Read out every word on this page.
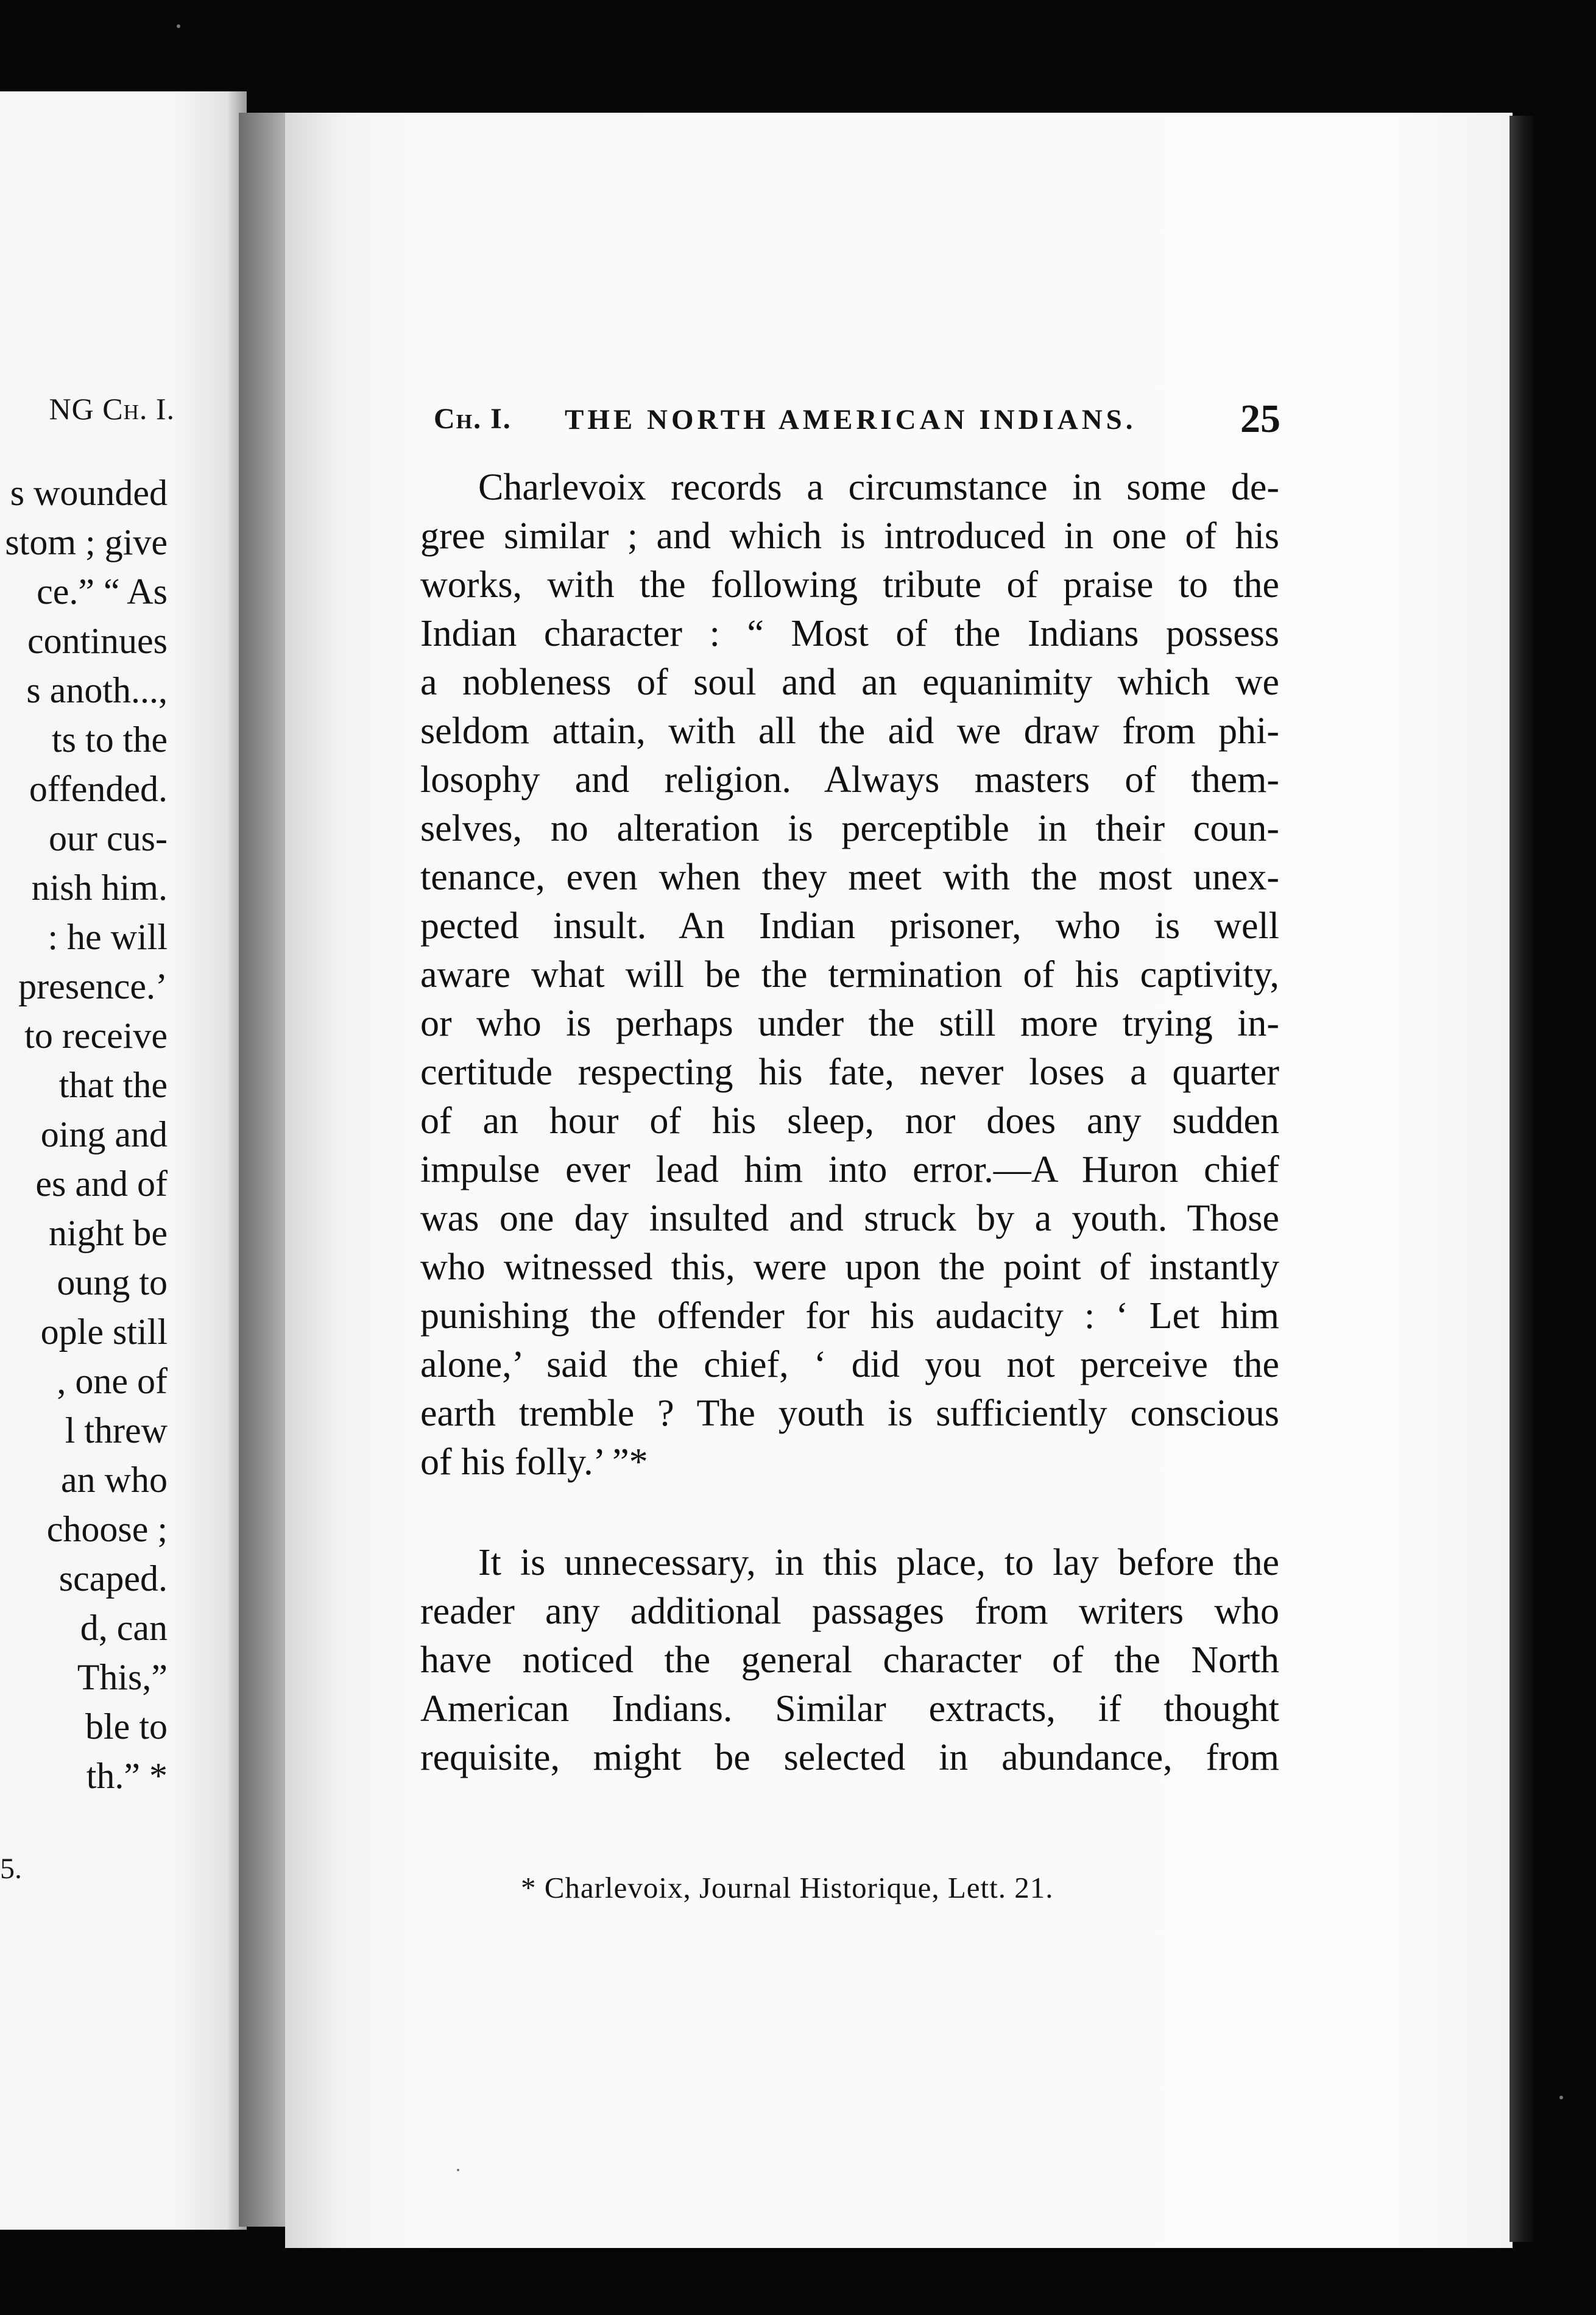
NG Ch. I.
s wounded
stom ; give
ce.” “ As
continues
s anoth...,
ts to the
offended.
our cus-
nish him.
: he will
presence.’
to receive
that the
oing and
es and of
night be
oung to
ople still
, one of
l threw
an who
choose ;
scaped.
d, can
This,”
ble to
th.” *
5.
Ch. I. THE NORTH AMERICAN INDIANS.	25
Charlevoix records a circumstance in some de-
gree similar ; and which is introduced in one of his
works, with the following tribute of praise to the
Indian character : “ Most of the Indians possess
a nobleness of soul and an equanimity which we
seldom attain, with all the aid we draw from phi-
losophy and religion. Always masters of them-
selves, no alteration is perceptible in their coun-
tenance, even when they meet with the most unex-
pected insult. An Indian prisoner, who is well
aware what will be the termination of his captivity,
or who is perhaps under the still more trying in-
certitude respecting his fate, never loses a quarter
of an hour of his sleep, nor does any sudden
impulse ever lead him into error.—A Huron chief
was one day insulted and struck by a youth. Those
who witnessed this, were upon the point of instantly
punishing the offender for his audacity : ‘ Let him
alone,’ said the chief, ‘ did you not perceive the
earth tremble ? The youth is sufficiently conscious
of his folly.’ ”*
It is unnecessary, in this place, to lay before the
reader any additional passages from writers who
have noticed the general character of the North
American Indians. Similar extracts, if thought
requisite, might be selected in abundance, from
* Charlevoix, Journal Historique, Lett. 21.
